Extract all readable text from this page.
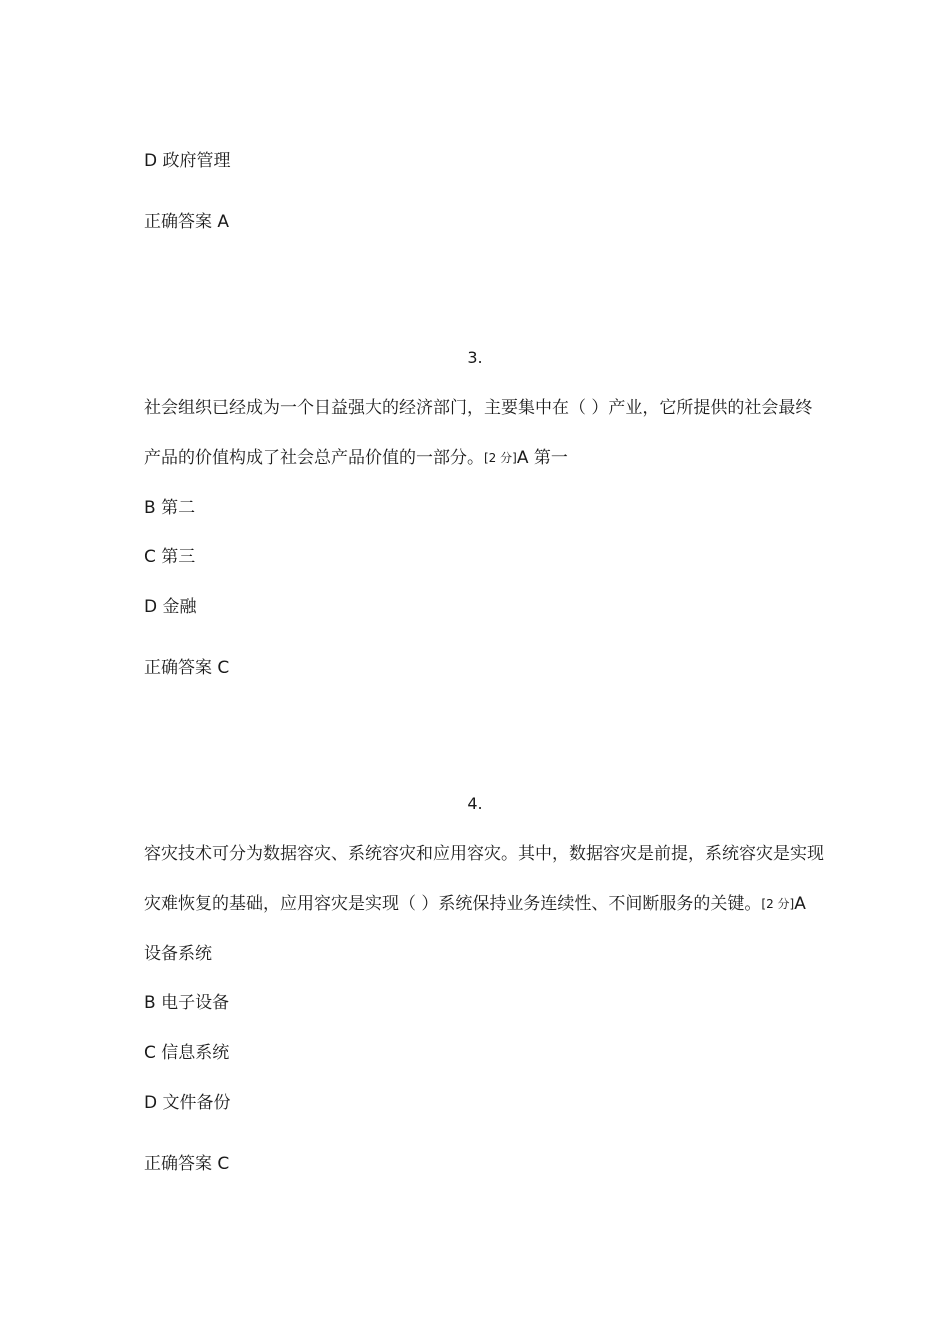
D 政府管理
正确答案 A
3.
社会组织已经成为一个日益强大的经济部门，主要集中在（ ）产业，它所提供的社会最终
产品的价值构成了社会总产品价值的一部分。[2 分]A 第一
B 第二
C 第三
D 金融
正确答案 C
4.
容灾技术可分为数据容灾、系统容灾和应用容灾。其中，数据容灾是前提，系统容灾是实现
灾难恢复的基础，应用容灾是实现（ ）系统保持业务连续性、不间断服务的关键。[2 分]A
设备系统
B 电子设备
C 信息系统
D 文件备份
正确答案 C
